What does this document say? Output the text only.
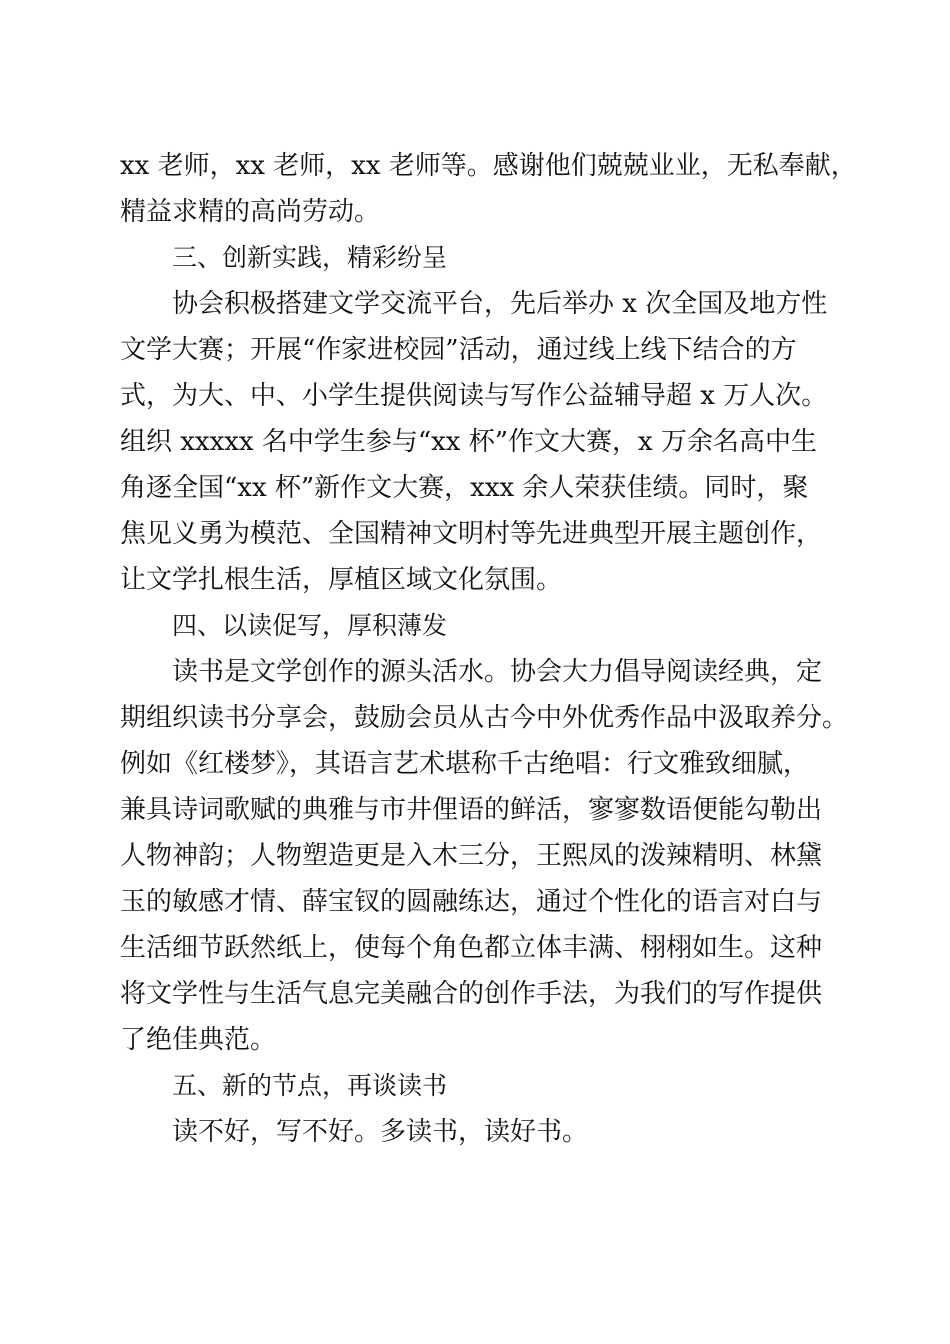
xx 老师，xx 老师，xx 老师等。感谢他们兢兢业业，无私奉献，
精益求精的高尚劳动。
三、创新实践，精彩纷呈
协会积极搭建文学交流平台，先后举办 x 次全国及地方性
文学大赛；开展“作家进校园”活动，通过线上线下结合的方
式，为大、中、小学生提供阅读与写作公益辅导超 x 万人次。
组织 xxxxx 名中学生参与“xx 杯”作文大赛，x 万余名高中生
角逐全国“xx 杯”新作文大赛，xxx 余人荣获佳绩。同时，聚
焦见义勇为模范、全国精神文明村等先进典型开展主题创作，
让文学扎根生活，厚植区域文化氛围。
四、以读促写，厚积薄发
读书是文学创作的源头活水。协会大力倡导阅读经典，定
期组织读书分享会，鼓励会员从古今中外优秀作品中汲取养分。
例如《红楼梦》，其语言艺术堪称千古绝唱：行文雅致细腻，
兼具诗词歌赋的典雅与市井俚语的鲜活，寥寥数语便能勾勒出
人物神韵；人物塑造更是入木三分，王熙凤的泼辣精明、林黛
玉的敏感才情、薛宝钗的圆融练达，通过个性化的语言对白与
生活细节跃然纸上，使每个角色都立体丰满、栩栩如生。这种
将文学性与生活气息完美融合的创作手法，为我们的写作提供
了绝佳典范。
五、新的节点，再谈读书
读不好，写不好。多读书，读好书。
